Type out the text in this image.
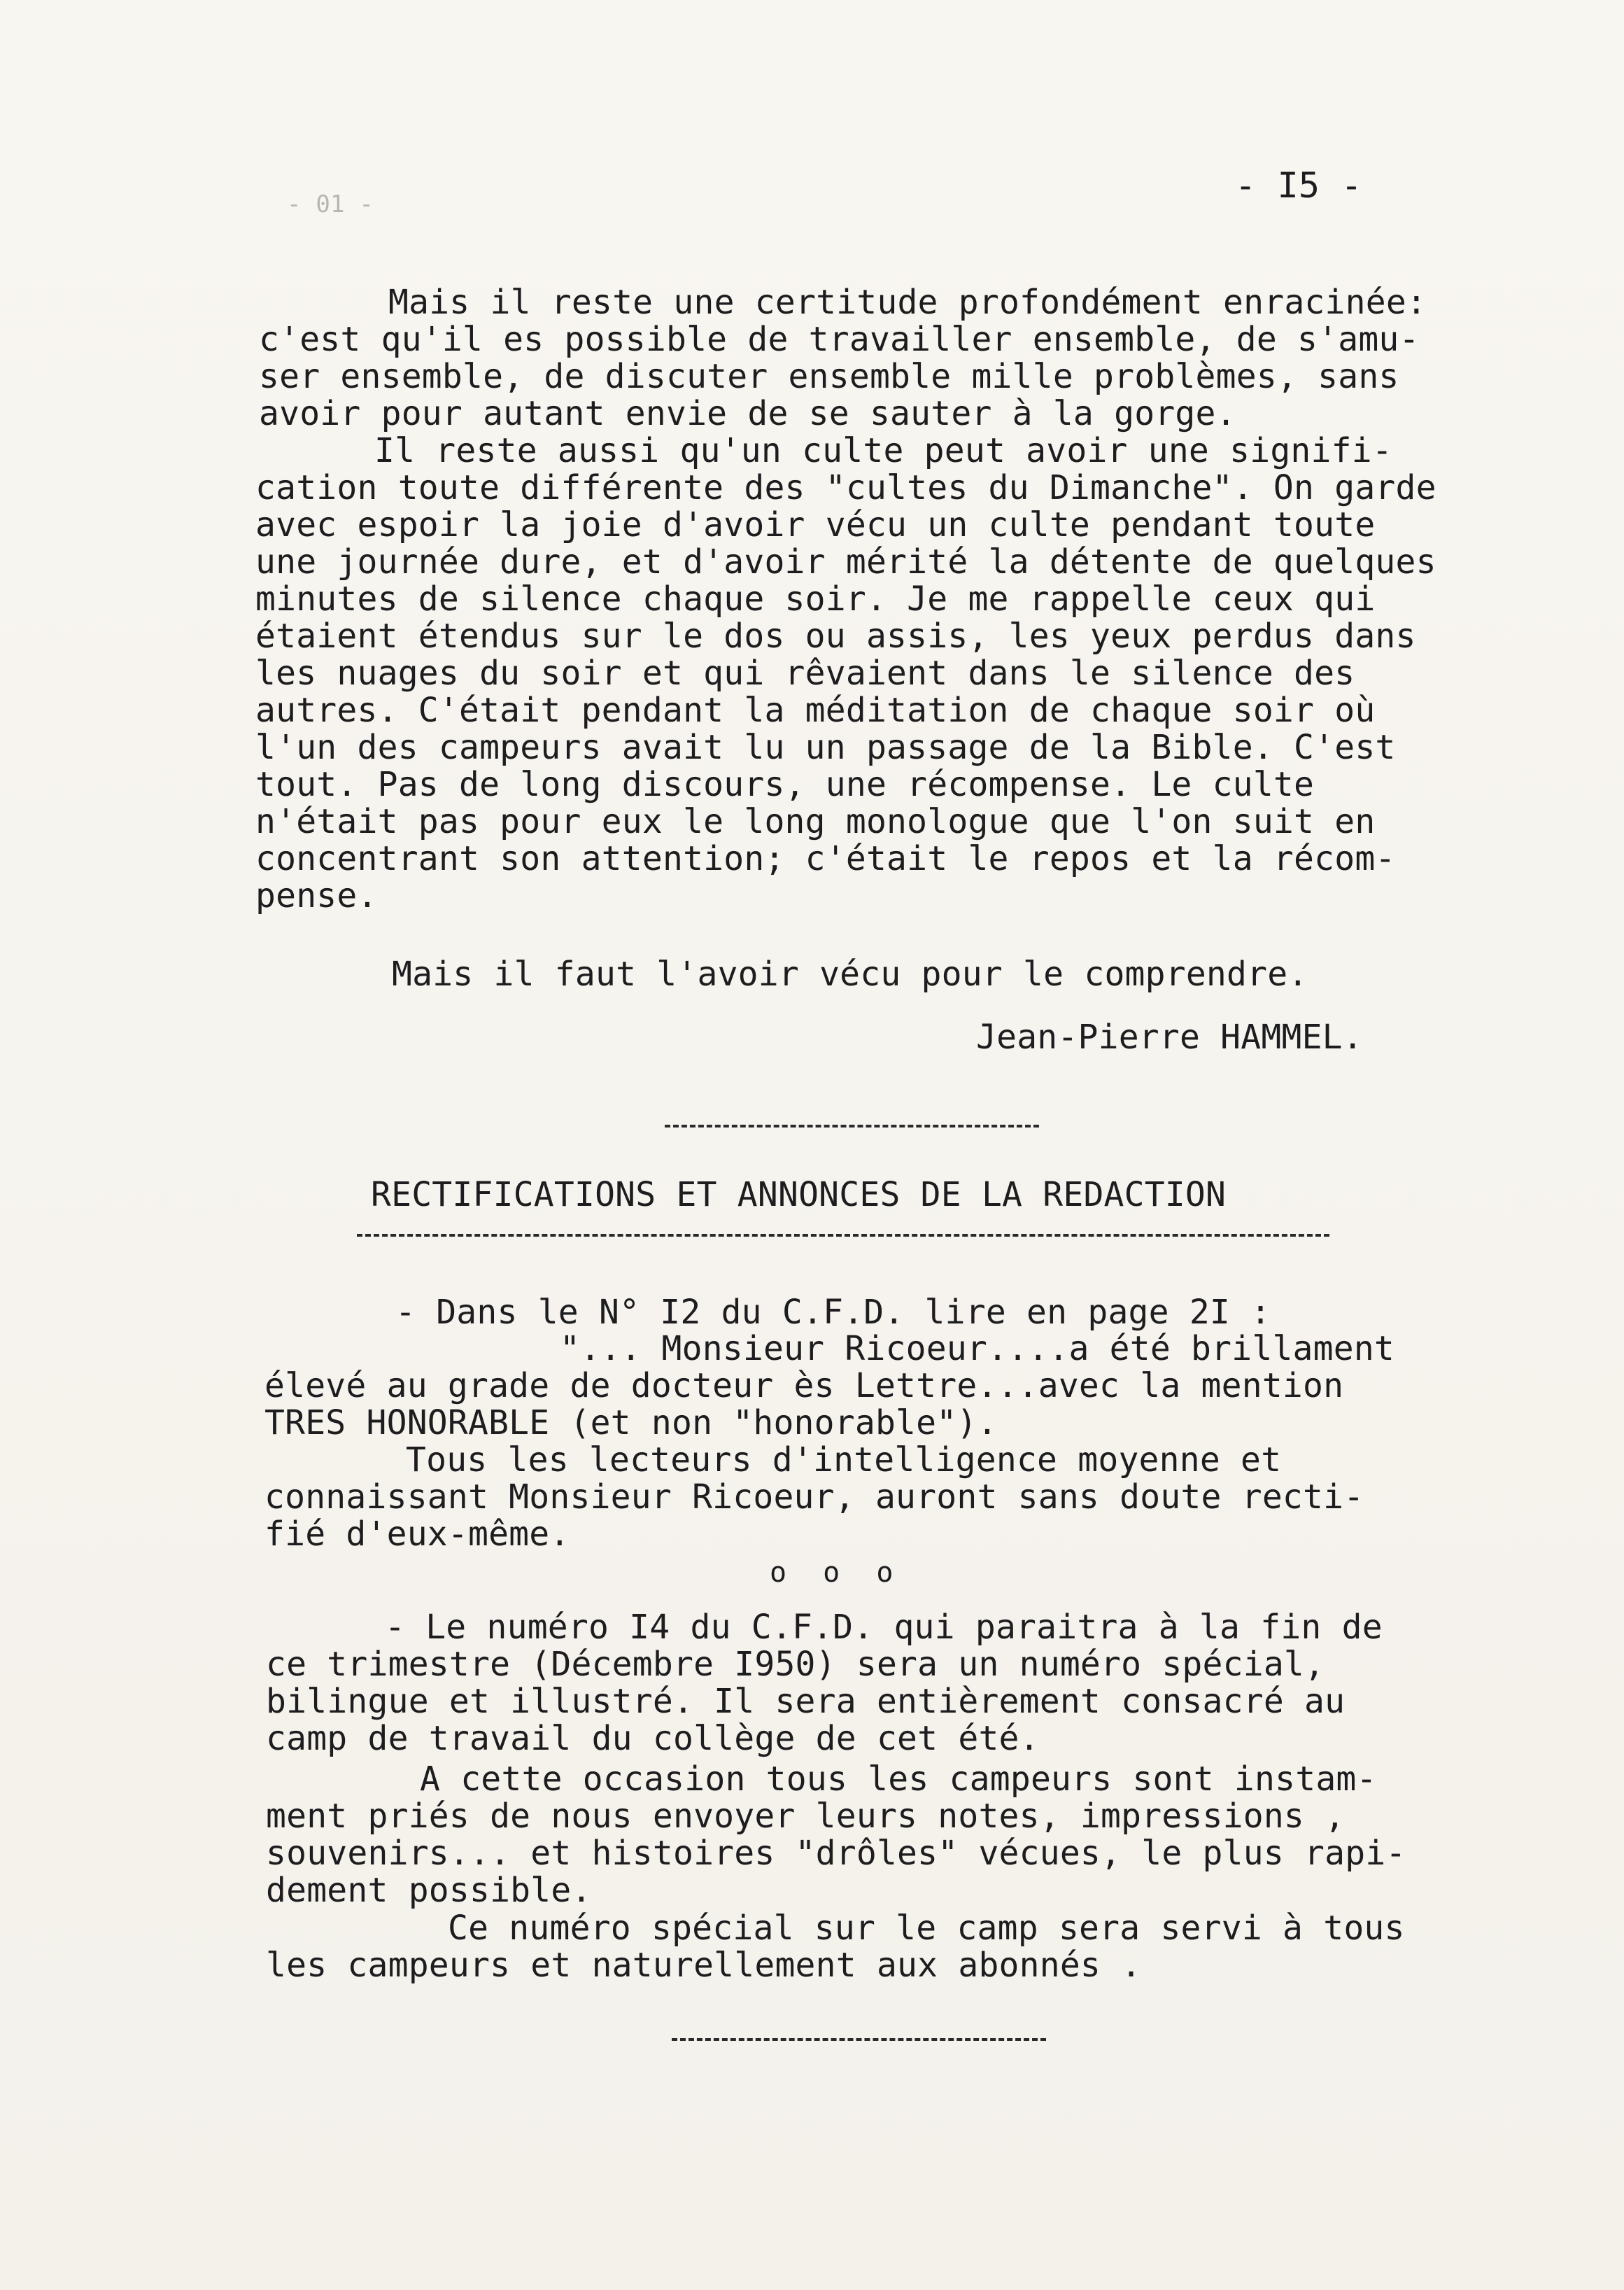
- 01 -	- I5 -
Mais il reste une certitude profondément enracinée:
c'est qu'il es possible de travailler ensemble, de s'amu-
ser ensemble, de discuter ensemble mille problèmes, sans
avoir pour autant envie de se sauter à la gorge.
Il reste aussi qu'un culte peut avoir une signifi-
cation toute différente des "cultes du Dimanche". On garde
avec espoir la joie d'avoir vécu un culte pendant toute
une journée dure, et d'avoir mérité la détente de quelques
minutes de silence chaque soir. Je me rappelle ceux qui
étaient étendus sur le dos ou assis, les yeux perdus dans
les nuages du soir et qui rêvaient dans le silence des
autres. C'était pendant la méditation de chaque soir où
l'un des campeurs avait lu un passage de la Bible. C'est
tout. Pas de long discours, une récompense. Le culte
n'était pas pour eux le long monologue que l'on suit en
concentrant son attention; c'était le repos et la récom-
pense.
Mais il faut l'avoir vécu pour le comprendre.
Jean-Pierre HAMMEL.
RECTIFICATIONS ET ANNONCES DE LA REDACTION
- Dans le N° I2 du C.F.D. lire en page 2I :
"... Monsieur Ricoeur....a été brillament
élevé au grade de docteur ès Lettre...avec la mention
TRES HONORABLE (et non "honorable").
Tous les lecteurs d'intelligence moyenne et
connaissant Monsieur Ricoeur, auront sans doute recti-
fié d'eux-même.
o o o
- Le numéro I4 du C.F.D. qui paraitra à la fin de
ce trimestre (Décembre I950) sera un numéro spécial,
bilingue et illustré. Il sera entièrement consacré au
camp de travail du collège de cet été.
A cette occasion tous les campeurs sont instam-
ment priés de nous envoyer leurs notes, impressions ,
souvenirs... et histoires "drôles" vécues, le plus rapi-
dement possible.
Ce numéro spécial sur le camp sera servi à tous
les campeurs et naturellement aux abonnés .
